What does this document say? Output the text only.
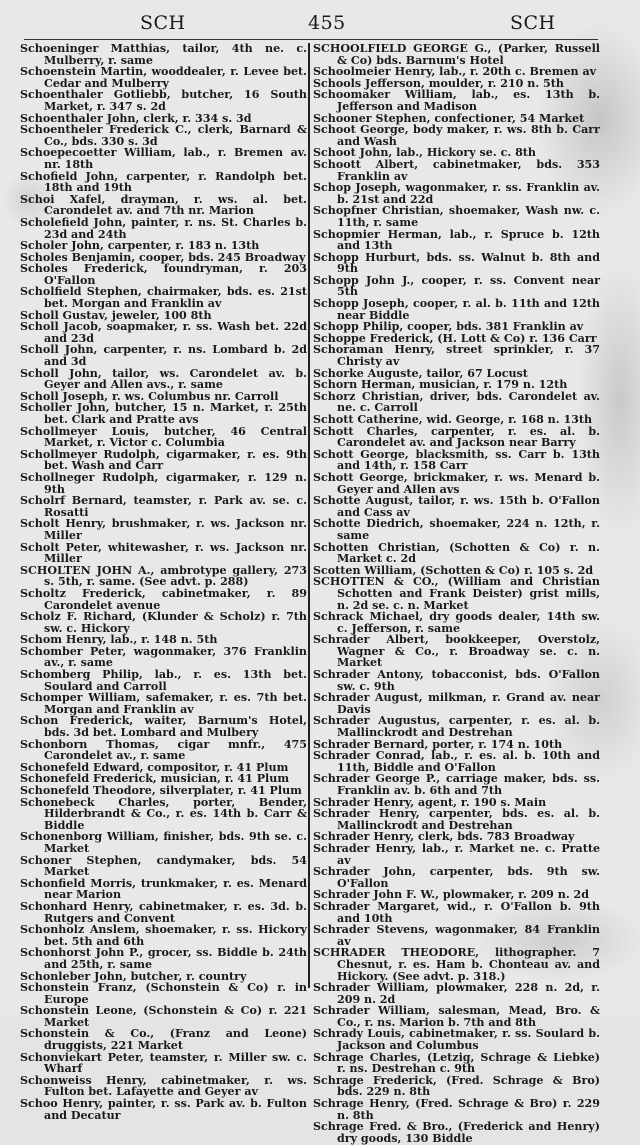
SCH	455	SCH

Schoeninger Matthias, tailor, 4th ne. c. Mulberry, r. same

Schoenstein Martin, wooddealer, r. Levee bet. Cedar and Mulberry

Schoenthaler Gotliebb, butcher, 16 South Market, r. 347 s. 2d

Schoenthaler John, clerk, r. 334 s. 3d

Schoentheler Frederick C., clerk, Barnard & Co., bds. 330 s. 3d

Schoepecoetter William, lab., r. Bremen av. nr. 18th

Schofield John, carpenter, r. Randolph bet. 18th and 19th

Schoi Xafel, drayman, r. ws. al. bet. Carondelet av. and 7th nr. Marion

Scholefield John, painter, r. ns. St. Charles b. 23d and 24th

Scholer John, carpenter, r. 183 n. 13th

Scholes Benjamin, cooper, bds. 245 Broadway

Scholes Frederick, foundryman, r. 203 O'Fallon

Scholfield Stephen, chairmaker, bds. es. 21st bet. Morgan and Franklin av

Scholl Gustav, jeweler, 100 8th

Scholl Jacob, soapmaker, r. ss. Wash bet. 22d and 23d

Scholl John, carpenter, r. ns. Lombard b. 2d and 3d

Scholl John, tailor, ws. Carondelet av. b. Geyer and Allen avs., r. same

Scholl Joseph, r. ws. Columbus nr. Carroll

Scholler John, butcher, 15 n. Market, r. 25th bet. Clark and Pratte avs

Schollmeyer Louis, butcher, 46 Central Market, r. Victor c. Columbia

Schollmeyer Rudolph, cigarmaker, r. es. 9th bet. Wash and Carr

Schollneger Rudolph, cigarmaker, r. 129 n. 9th

Scholrf Bernard, teamster, r. Park av. se. c. Rosatti

Scholt Henry, brushmaker, r. ws. Jackson nr. Miller

Scholt Peter, whitewasher, r. ws. Jackson nr. Miller

SCHOLTEN JOHN A., ambrotype gallery, 273 s. 5th, r. same. (See advt. p. 288)

Scholtz Frederick, cabinetmaker, r. 89 Carondelet avenue

Scholz F. Richard, (Klunder & Scholz) r. 7th sw. c. Hickory

Schom Henry, lab., r. 148 n. 5th

Schomber Peter, wagonmaker, 376 Franklin av., r. same

Schomberg Philip, lab., r. es. 13th bet. Soulard and Carroll

Schomper William, safemaker, r. es. 7th bet. Morgan and Franklin av

Schon Frederick, waiter, Barnum's Hotel, bds. 3d bet. Lombard and Mulbery

Schonborn Thomas, cigar mnfr., 475 Carondelet av., r. same

Schonefeld Edward, compositor, r. 41 Plum

Schonefeld Frederick, musician, r. 41 Plum

Schonefeld Theodore, silverplater, r. 41 Plum

Schonebeck Charles, porter, Bender, Hilderbrandt & Co., r. es. 14th b. Carr & Biddle

Schonenborg William, finisher, bds. 9th se. c. Market

Schoner Stephen, candymaker, bds. 54 Market

Schonfield Morris, trunkmaker, r. es. Menard near Marion

Schonhard Henry, cabinetmaker, r. es. 3d. b. Rutgers and Convent

Schonholz Anslem, shoemaker, r. ss. Hickory bet. 5th and 6th

Schonhorst John P., grocer, ss. Biddle b. 24th and 25th, r. same

Schonleber John, butcher, r. country

Schonstein Franz, (Schonstein & Co) r. in Europe

Schonstein Leone, (Schonstein & Co) r. 221 Market

Schonstein & Co., (Franz and Leone) druggists, 221 Market

Schonviekart Peter, teamster, r. Miller sw. c. Wharf

Schonweiss Henry, cabinetmaker, r. ws. Fulton bet. Lafayette and Geyer av

Schoo Henry, painter, r. ss. Park av. b. Fulton and Decatur

SCHOOLFIELD GEORGE G., (Parker, Russell & Co) bds. Barnum's Hotel

Schoolmeier Henry, lab., r. 20th c. Bremen av

Schools Jefferson, moulder, r. 210 n. 5th

Schoomaker William, lab., es. 13th b. Jefferson and Madison

Schooner Stephen, confectioner, 54 Market

Schoot George, body maker, r. ws. 8th b. Carr and Wash

Schoot John, lab., Hickory se. c. 8th

Schoott Albert, cabinetmaker, bds. 353 Franklin av

Schop Joseph, wagonmaker, r. ss. Franklin av. b. 21st and 22d

Schopfner Christian, shoemaker, Wash nw. c. 11th, r. same

Schopmier Herman, lab., r. Spruce b. 12th and 13th

Schopp Hurburt, bds. ss. Walnut b. 8th and 9th

Schopp John J., cooper, r. ss. Convent near 5th

Schopp Joseph, cooper, r. al. b. 11th and 12th near Biddle

Schopp Philip, cooper, bds. 381 Franklin av

Schoppe Frederick, (H. Lott & Co) r. 136 Carr

Schoraman Henry, street sprinkler, r. 37 Christy av

Schorke Auguste, tailor, 67 Locust

Schorn Herman, musician, r. 179 n. 12th

Schorz Christian, driver, bds. Carondelet av. ne. c. Carroll

Schott Catherine, wid. George, r. 168 n. 13th

Schott Charles, carpenter, r. es. al. b. Carondelet av. and Jackson near Barry

Schott George, blacksmith, ss. Carr b. 13th and 14th, r. 158 Carr

Schott George, brickmaker, r. ws. Menard b. Geyer and Allen avs

Schotte August, tailor, r. ws. 15th b. O'Fallon and Cass av

Schotte Diedrich, shoemaker, 224 n. 12th, r. same

Schotten Christian, (Schotten & Co) r. n. Market c. 2d

Scotten William, (Schotten & Co) r. 105 s. 2d

SCHOTTEN & CO., (William and Christian Schotten and Frank Deister) grist mills, n. 2d se. c. n. Market

Schrack Michael, dry goods dealer, 14th sw. c. Jefferson, r. same

Schrader Albert, bookkeeper, Overstolz, Wagner & Co., r. Broadway se. c. n. Market

Schrader Antony, tobacconist, bds. O'Fallon sw. c. 9th

Schrader August, milkman, r. Grand av. near Davis

Schrader Augustus, carpenter, r. es. al. b. Mallinckrodt and Destrehan

Schrader Bernard, porter, r. 174 n. 10th

Schrader Conrad, lab., r. es. al. b. 10th and 11th, Biddle and O'Fallon

Schrader George P., carriage maker, bds. ss. Franklin av. b. 6th and 7th

Schrader Henry, agent, r. 190 s. Main

Schrader Henry, carpenter, bds. es. al. b. Mallinckrodt and Destrehan

Schrader Henry, clerk, bds. 783 Broadway

Schrader Henry, lab., r. Market ne. c. Pratte av

Schrader John, carpenter, bds. 9th sw. O'Fallon

Schrader John F. W., plowmaker, r. 209 n. 2d

Schrader Margaret, wid., r. O'Fallon b. 9th and 10th

Schrader Stevens, wagonmaker, 84 Franklin av

SCHRADER THEODORE, lithographer. 7 Chesnut, r. es. Ham b. Chonteau av. and Hickory. (See advt. p. 318.)

Schrader William, plowmaker, 228 n. 2d, r. 209 n. 2d

Schrader William, salesman, Mead, Bro. & Co., r. ns. Marion b. 7th and 8th

Schrady Louis, cabinetmaker, r. ss. Soulard b. Jackson and Columbus

Schrage Charles, (Letzig, Schrage & Liebke) r. ns. Destrehan c. 9th

Schrage Frederick, (Fred. Schrage & Bro) bds. 229 n. 8th

Schrage Henry, (Fred. Schrage & Bro) r. 229 n. 8th

Schrage Fred. & Bro., (Frederick and Henry) dry goods, 130 Biddle
